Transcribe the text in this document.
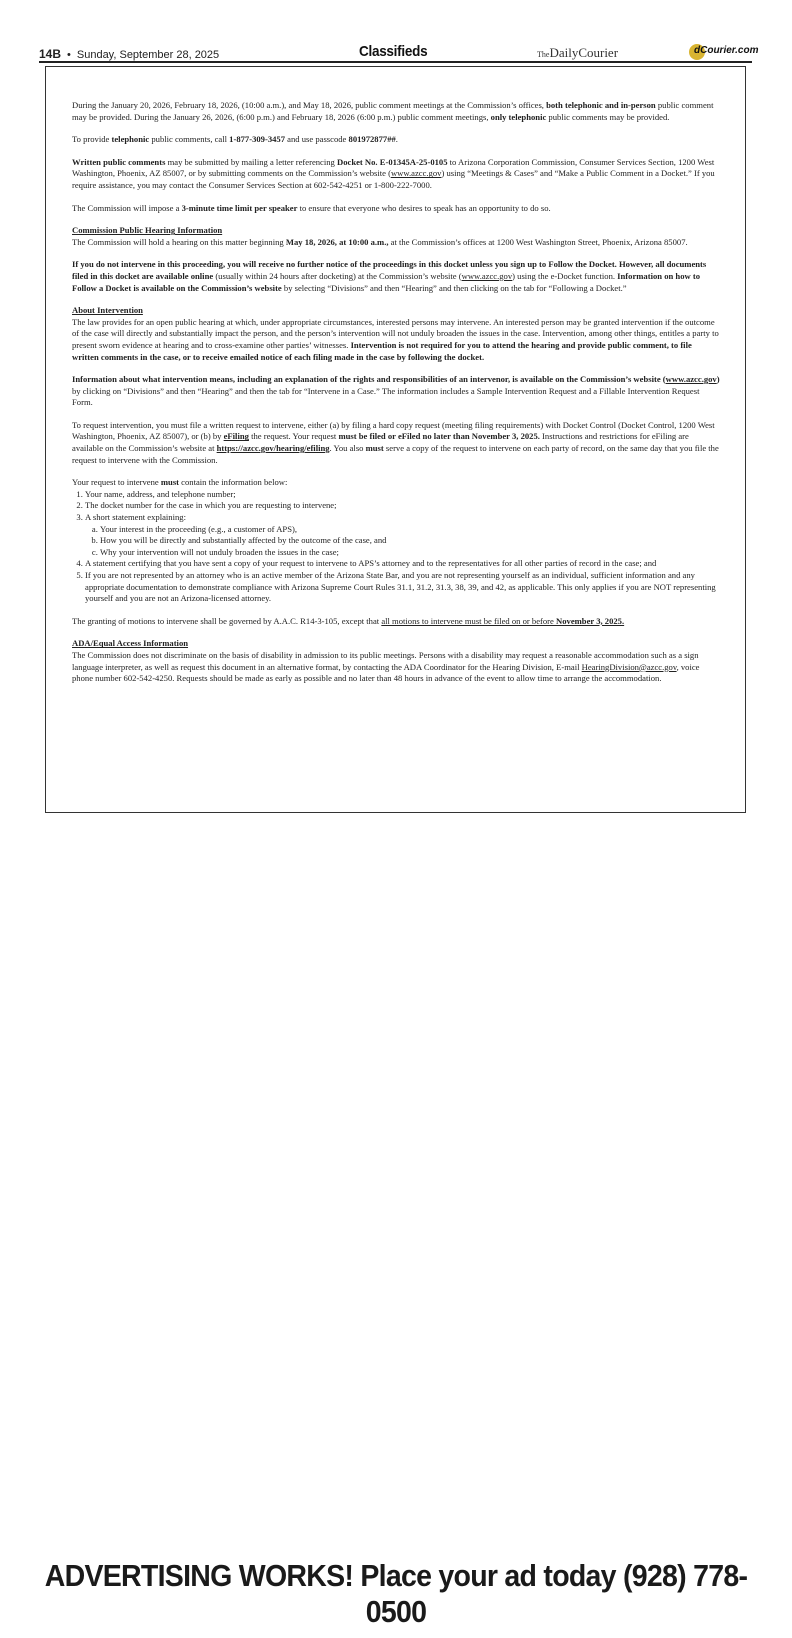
14B • Sunday, September 28, 2025	Classifieds	TheDailyCourier	dCourier.com

During the January 20, 2026, February 18, 2026, (10:00 a.m.), and May 18, 2026, public comment meetings at the Commission’s offices, both telephonic and in-person public comment may be provided. During the January 26, 2026, (6:00 p.m.) and February 18, 2026 (6:00 p.m.) public comment meetings, only telephonic public comments may be provided.

To provide telephonic public comments, call 1-877-309-3457 and use passcode 801972877##.

Written public comments may be submitted by mailing a letter referencing Docket No. E-01345A-25-0105 to Arizona Corporation Commission, Consumer Services Section, 1200 West Washington, Phoenix, AZ 85007, or by submitting comments on the Commission’s website (www.azcc.gov) using “Meetings & Cases” and “Make a Public Comment in a Docket.” If you require assistance, you may contact the Consumer Services Section at 602-542-4251 or 1-800-222-7000.

The Commission will impose a 3-minute time limit per speaker to ensure that everyone who desires to speak has an opportunity to do so.

Commission Public Hearing Information
The Commission will hold a hearing on this matter beginning May 18, 2026, at 10:00 a.m., at the Commission’s offices at 1200 West Washington Street, Phoenix, Arizona 85007.

If you do not intervene in this proceeding, you will receive no further notice of the proceedings in this docket unless you sign up to Follow the Docket. However, all documents filed in this docket are available online (usually within 24 hours after docketing) at the Commission’s website (www.azcc.gov) using the e-Docket function. Information on how to Follow a Docket is available on the Commission’s website by selecting “Divisions” and then “Hearing” and then clicking on the tab for “Following a Docket.”

About Intervention
The law provides for an open public hearing at which, under appropriate circumstances, interested persons may intervene. An interested person may be granted intervention if the outcome of the case will directly and substantially impact the person, and the person’s intervention will not unduly broaden the issues in the case. Intervention, among other things, entitles a party to present sworn evidence at hearing and to cross-examine other parties’ witnesses. Intervention is not required for you to attend the hearing and provide public comment, to file written comments in the case, or to receive emailed notice of each filing made in the case by following the docket.

Information about what intervention means, including an explanation of the rights and responsibilities of an intervenor, is available on the Commission’s website (www.azcc.gov) by clicking on “Divisions” and then “Hearing” and then the tab for “Intervene in a Case.” The information includes a Sample Intervention Request and a Fillable Intervention Request Form.

To request intervention, you must file a written request to intervene, either (a) by filing a hard copy request (meeting filing requirements) with Docket Control (Docket Control, 1200 West Washington, Phoenix, AZ 85007), or (b) by eFiling the request. Your request must be filed or eFiled no later than November 3, 2025. Instructions and restrictions for eFiling are available on the Commission’s website at https://azcc.gov/hearing/efiling. You also must serve a copy of the request to intervene on each party of record, on the same day that you file the request to intervene with the Commission.

Your request to intervene must contain the information below:
1. Your name, address, and telephone number;
2. The docket number for the case in which you are requesting to intervene;
3. A short statement explaining:
a. Your interest in the proceeding (e.g., a customer of APS),
b. How you will be directly and substantially affected by the outcome of the case, and
c. Why your intervention will not unduly broaden the issues in the case;
4. A statement certifying that you have sent a copy of your request to intervene to APS’s attorney and to the representatives for all other parties of record in the case; and
5. If you are not represented by an attorney who is an active member of the Arizona State Bar, and you are not representing yourself as an individual, sufficient information and any appropriate documentation to demonstrate compliance with Arizona Supreme Court Rules 31.1, 31.2, 31.3, 38, 39, and 42, as applicable. This only applies if you are NOT representing yourself and you are not an Arizona-licensed attorney.

The granting of motions to intervene shall be governed by A.A.C. R14-3-105, except that all motions to intervene must be filed on or before November 3, 2025.

ADA/Equal Access Information
The Commission does not discriminate on the basis of disability in admission to its public meetings. Persons with a disability may request a reasonable accommodation such as a sign language interpreter, as well as request this document in an alternative format, by contacting the ADA Coordinator for the Hearing Division, E-mail HearingDivision@azcc.gov, voice phone number 602-542-4250. Requests should be made as early as possible and no later than 48 hours in advance of the event to allow time to arrange the accommodation.

ADVERTISING WORKS! Place your ad today (928) 778-0500
